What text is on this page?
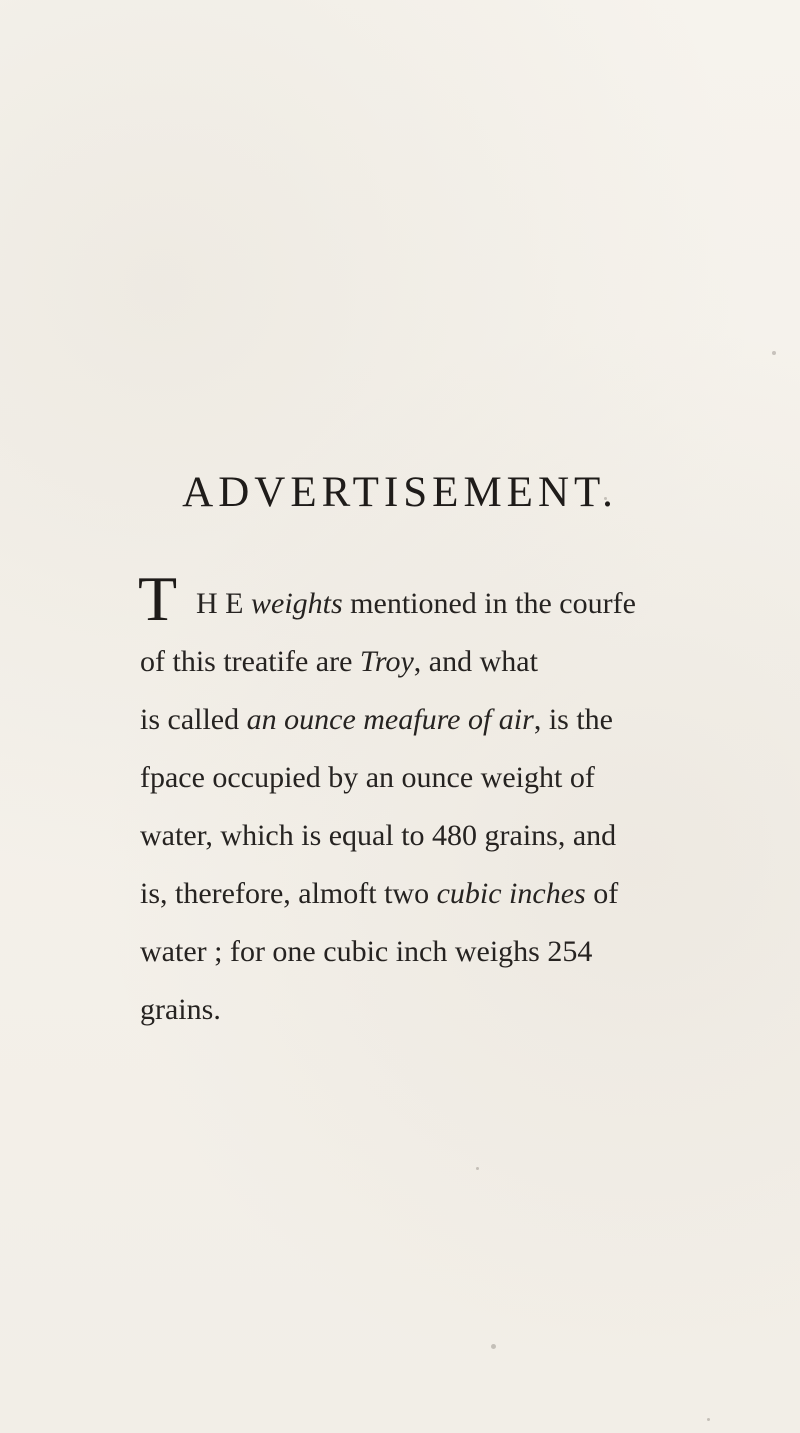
ADVERTISEMENT.
T H E weights mentioned in the courfe
of this treatife are Troy, and what
is called an ounce meafure of air, is the
fpace occupied by an ounce weight of
water, which is equal to 480 grains, and
is, therefore, almoft two cubic inches of
water ; for one cubic inch weighs 254
grains.
